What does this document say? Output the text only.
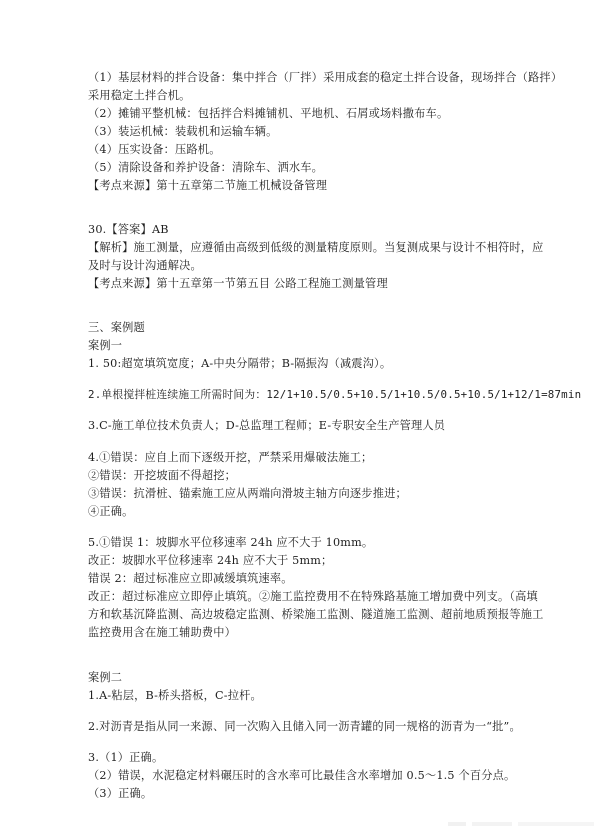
（1）基层材料的拌合设备：集中拌合（厂拌）采用成套的稳定土拌合设备，现场拌合（路拌）
采用稳定土拌合机。
（2）摊铺平整机械：包括拌合料摊铺机、平地机、石屑或场料撒布车。
（3）装运机械：装载机和运输车辆。
（4）压实设备：压路机。
（5）清除设备和养护设备：清除车、洒水车。
【考点来源】第十五章第二节施工机械设备管理
30.【答案】AB
【解析】施工测量，应遵循由高级到低级的测量精度原则。当复测成果与设计不相符时，应
及时与设计沟通解决。
【考点来源】第十五章第一节第五目 公路工程施工测量管理
三、案例题
案例一
1. 50:超宽填筑宽度；A-中央分隔带；B-隔振沟（减震沟）。
2.单根搅拌桩连续施工所需时间为：12/1+10.5/0.5+10.5/1+10.5/0.5+10.5/1+12/1=87min
3.C-施工单位技术负责人；D-总监理工程师；E-专职安全生产管理人员
4.①错误：应自上而下逐级开挖，严禁采用爆破法施工；
②错误：开挖坡面不得超挖；
③错误：抗滑桩、锚索施工应从两端向滑坡主轴方向逐步推进；
④正确。
5.①错误 1：坡脚水平位移速率 24h 应不大于 10mm。
改正：坡脚水平位移速率 24h 应不大于 5mm；
错误 2：超过标准应立即减缓填筑速率。
改正：超过标准应立即停止填筑。②施工监控费用不在特殊路基施工增加费中列支。（高填
方和软基沉降监测、高边坡稳定监测、桥梁施工监测、隧道施工监测、超前地质预报等施工
监控费用含在施工辅助费中）
案例二
1.A-粘层，B-桥头搭板，C-拉杆。
2.对沥青是指从同一来源、同一次购入且储入同一沥青罐的同一规格的沥青为一“批”。
3.（1）正确。
（2）错误，水泥稳定材料碾压时的含水率可比最佳含水率增加 0.5～1.5 个百分点。
（3）正确。
